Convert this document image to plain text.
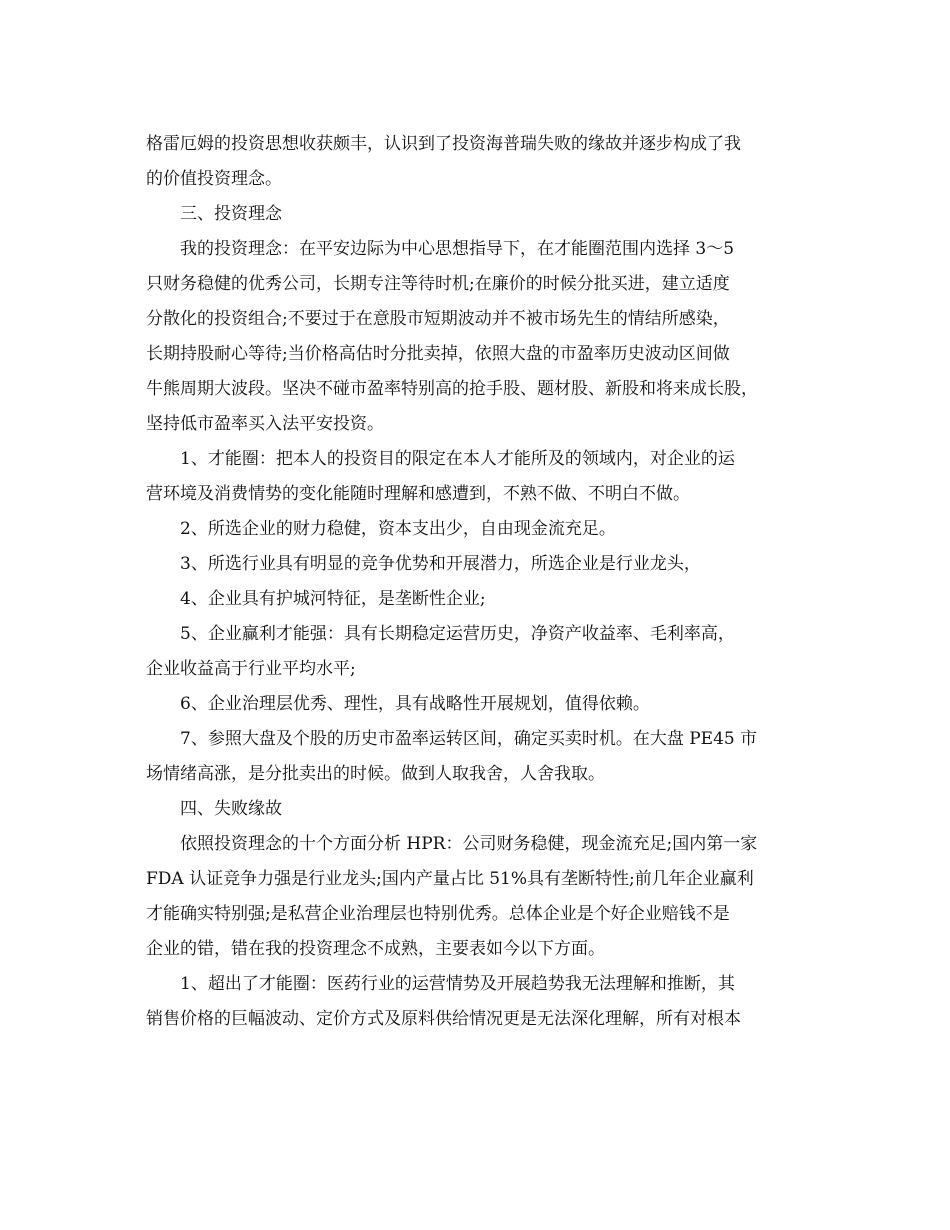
格雷厄姆的投资思想收获颇丰，认识到了投资海普瑞失败的缘故并逐步构成了我
的价值投资理念。
三、投资理念
我的投资理念：在平安边际为中心思想指导下，在才能圈范围内选择 3～5
只财务稳健的优秀公司，长期专注等待时机;在廉价的时候分批买进，建立适度
分散化的投资组合;不要过于在意股市短期波动并不被市场先生的情结所感染，
长期持股耐心等待;当价格高估时分批卖掉，依照大盘的市盈率历史波动区间做
牛熊周期大波段。坚决不碰市盈率特别高的抢手股、题材股、新股和将来成长股，
坚持低市盈率买入法平安投资。
1、才能圈：把本人的投资目的限定在本人才能所及的领域内，对企业的运
营环境及消费情势的变化能随时理解和感遭到，不熟不做、不明白不做。
2、所选企业的财力稳健，资本支出少，自由现金流充足。
3、所选行业具有明显的竞争优势和开展潜力，所选企业是行业龙头，
4、企业具有护城河特征，是垄断性企业;
5、企业赢利才能强：具有长期稳定运营历史，净资产收益率、毛利率高，
企业收益高于行业平均水平;
6、企业治理层优秀、理性，具有战略性开展规划，值得依赖。
7、参照大盘及个股的历史市盈率运转区间，确定买卖时机。在大盘 PE45 市
场情绪高涨，是分批卖出的时候。做到人取我舍，人舍我取。
四、失败缘故
依照投资理念的十个方面分析 HPR：公司财务稳健，现金流充足;国内第一家
FDA 认证竞争力强是行业龙头;国内产量占比 51%具有垄断特性;前几年企业赢利
才能确实特别强;是私营企业治理层也特别优秀。总体企业是个好企业赔钱不是
企业的错，错在我的投资理念不成熟，主要表如今以下方面。
1、超出了才能圈：医药行业的运营情势及开展趋势我无法理解和推断，其
销售价格的巨幅波动、定价方式及原料供给情况更是无法深化理解，所有对根本
